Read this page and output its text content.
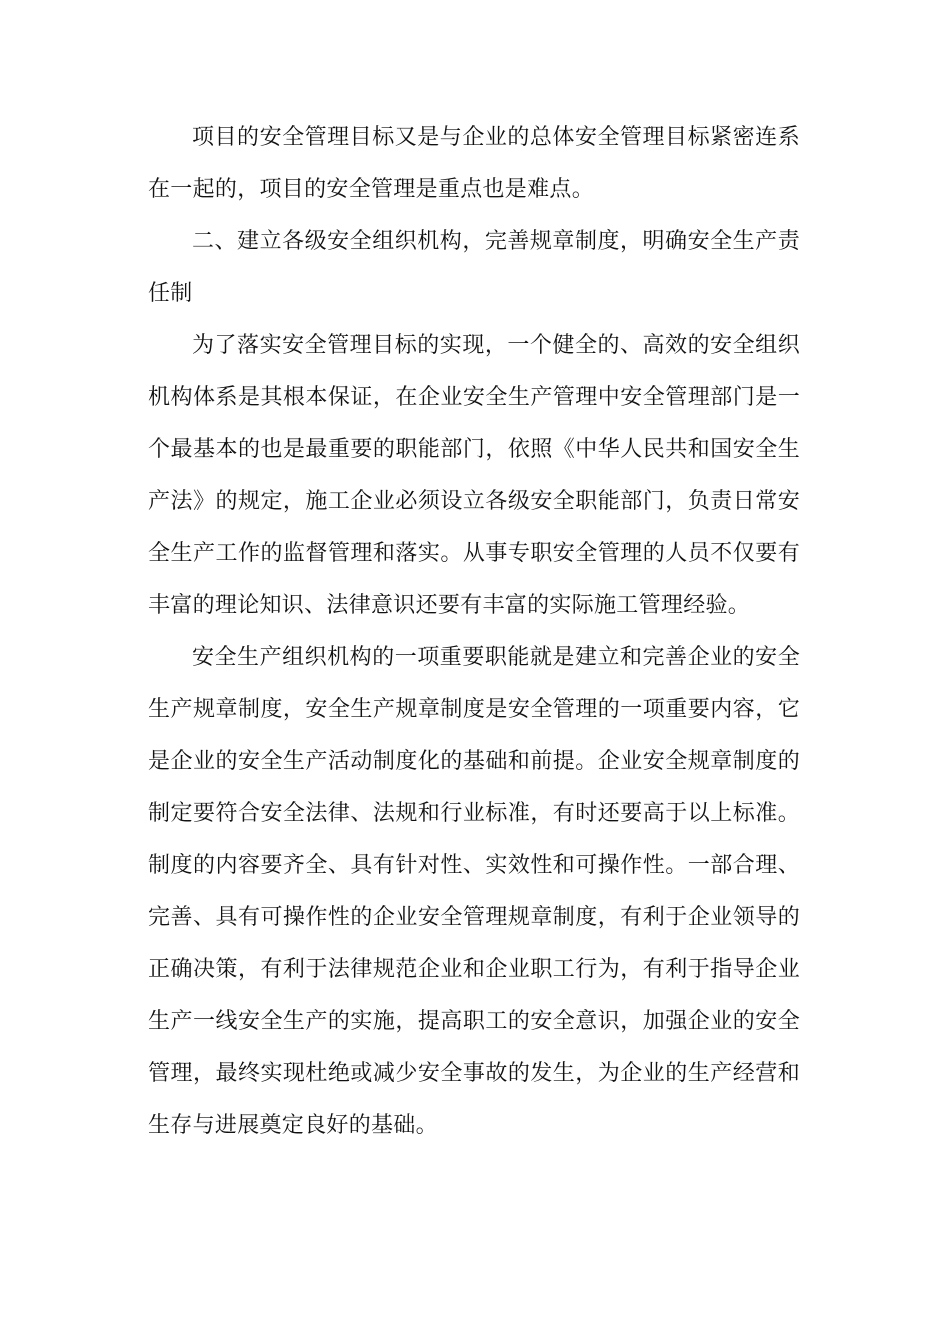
项目的安全管理目标又是与企业的总体安全管理目标紧密连系在一起的，项目的安全管理是重点也是难点。

二、建立各级安全组织机构，完善规章制度，明确安全生产责任制

为了落实安全管理目标的实现，一个健全的、高效的安全组织机构体系是其根本保证，在企业安全生产管理中安全管理部门是一个最基本的也是最重要的职能部门，依照《中华人民共和国安全生产法》的规定，施工企业必须设立各级安全职能部门，负责日常安全生产工作的监督管理和落实。从事专职安全管理的人员不仅要有丰富的理论知识、法律意识还要有丰富的实际施工管理经验。

安全生产组织机构的一项重要职能就是建立和完善企业的安全生产规章制度，安全生产规章制度是安全管理的一项重要内容，它是企业的安全生产活动制度化的基础和前提。企业安全规章制度的制定要符合安全法律、法规和行业标准，有时还要高于以上标准。制度的内容要齐全、具有针对性、实效性和可操作性。一部合理、完善、具有可操作性的企业安全管理规章制度，有利于企业领导的正确决策，有利于法律规范企业和企业职工行为，有利于指导企业生产一线安全生产的实施，提高职工的安全意识，加强企业的安全管理，最终实现杜绝或减少安全事故的发生，为企业的生产经营和生存与进展奠定良好的基础。
